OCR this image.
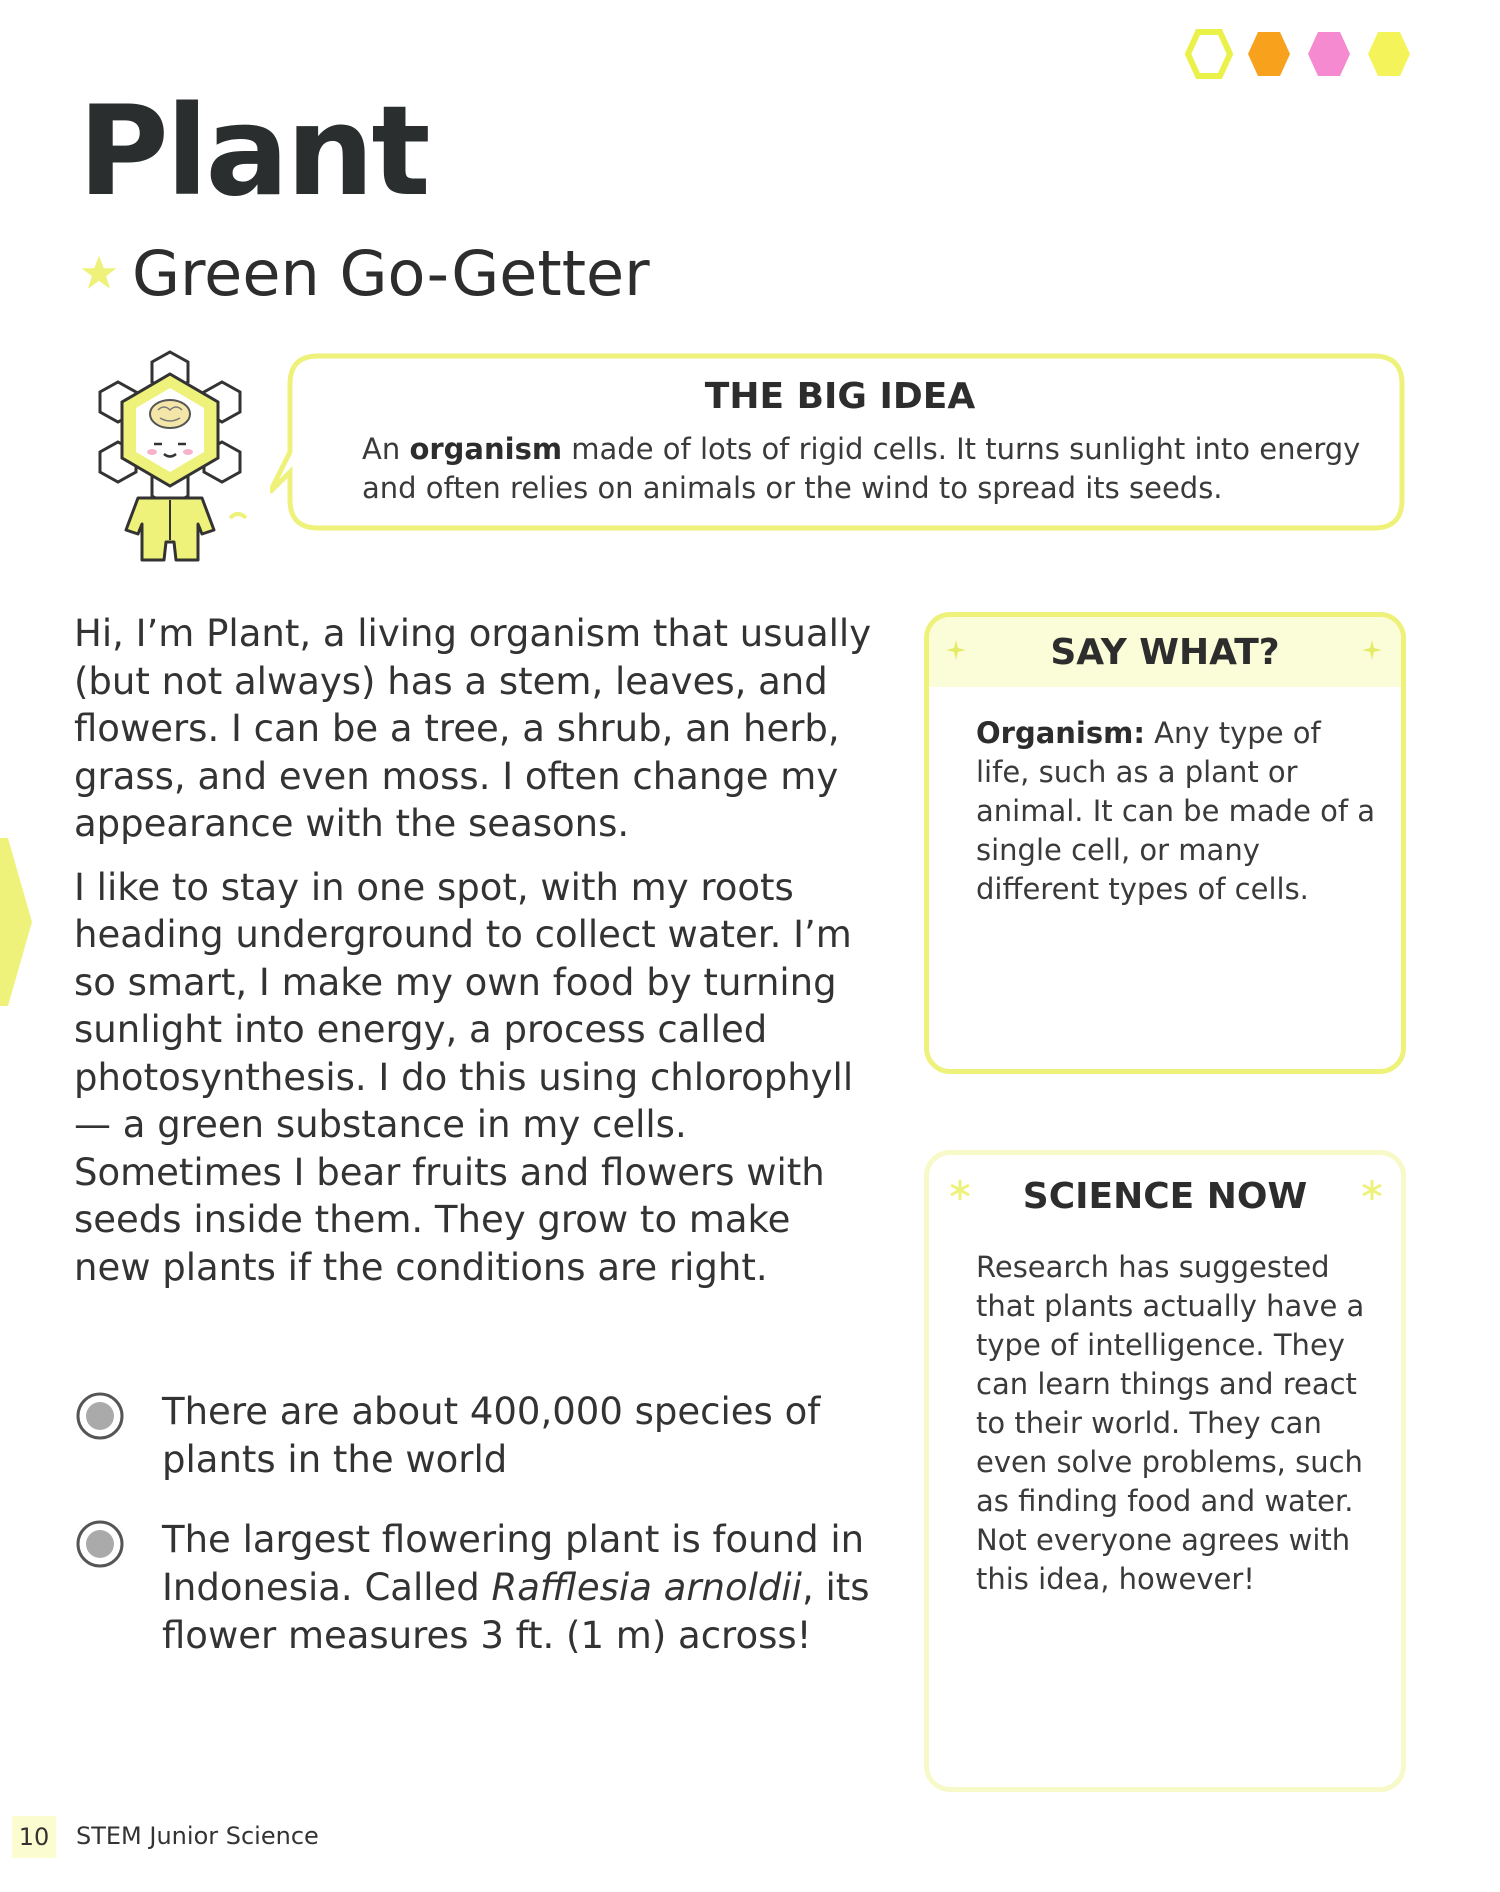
Plant
Green Go-Getter
THE BIG IDEA
An organism made of lots of rigid cells. It turns sunlight into energy and often relies on animals or the wind to spread its seeds.

Hi, I’m Plant, a living organism that usually (but not always) has a stem, leaves, and flowers. I can be a tree, a shrub, an herb, grass, and even moss. I often change my appearance with the seasons.

I like to stay in one spot, with my roots heading underground to collect water. I’m so smart, I make my own food by turning sunlight into energy, a process called photosynthesis. I do this using chlorophyll — a green substance in my cells. Sometimes I bear fruits and flowers with seeds inside them. They grow to make new plants if the conditions are right.

There are about 400,000 species of plants in the world
The largest flowering plant is found in Indonesia. Called Rafflesia arnoldii, its flower measures 3 ft. (1 m) across!
SAY WHAT?
Organism: Any type of life, such as a plant or animal. It can be made of a single cell, or many different types of cells.
SCIENCE NOW
Research has suggested that plants actually have a type of intelligence. They can learn things and react to their world. They can even solve problems, such as finding food and water. Not everyone agrees with this idea, however!
10 STEM Junior Science
